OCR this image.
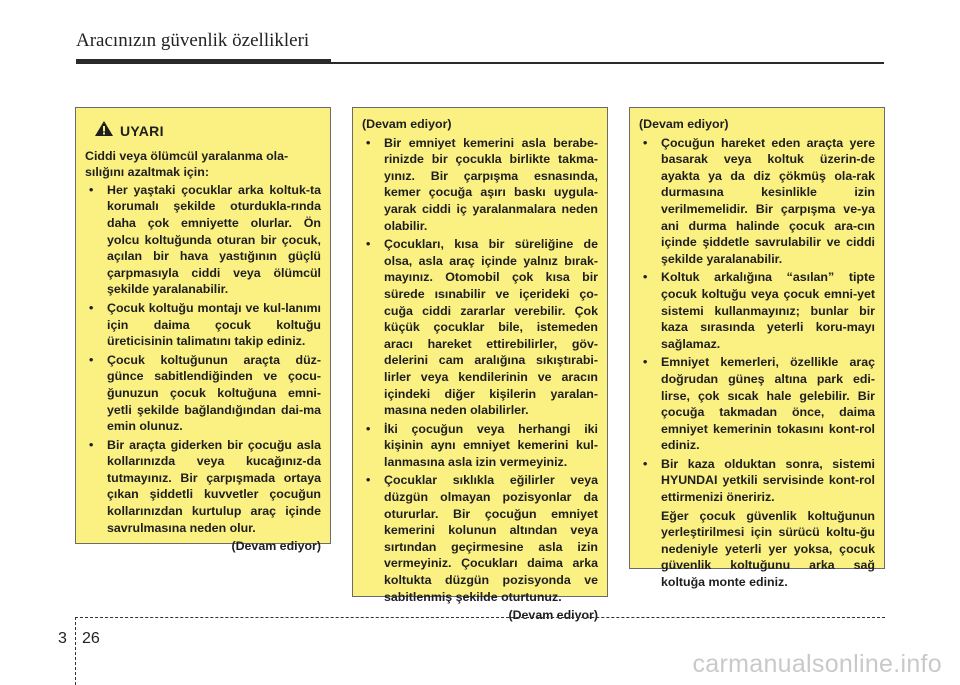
Aracınızın güvenlik özellikleri
UYARI

Ciddi veya ölümcül yaralanma ola-sılığını azaltmak için:

• Her yaştaki çocuklar arka koltuk-ta korumalı şekilde oturdukla-rında daha çok emniyette olurlar. Ön yolcu koltuğunda oturan bir çocuk, açılan bir hava yastığının güçlü çarpmasıyla ciddi veya ölümcül şekilde yaralanabilir.
• Çocuk koltuğu montajı ve kul-lanımı için daima çocuk koltuğu üreticisinin talimatını takip ediniz.
• Çocuk koltuğunun araçta düz-günce sabitlendiğinden ve çocu-ğunuzun çocuk koltuğuna emni-yetli şekilde bağlandığından dai-ma emin olunuz.
• Bir araçta giderken bir çocuğu asla kollarınızda veya kucağınız-da tutmayınız. Bir çarpışmada ortaya çıkan şiddetli kuvvetler çocuğun kollarınızdan kurtulup araç içinde savrulmasına neden olur.
(Devam ediyor)
(Devam ediyor)
• Bir emniyet kemerini asla berabe-rinizde bir çocukla birlikte takma-yınız. Bir çarpışma esnasında, kemer çocuğa aşırı baskı uygula-yarak ciddi iç yaralanmalara neden olabilir.
• Çocukları, kısa bir süreliğine de olsa, asla araç içinde yalnız bırak-mayınız. Otomobil çok kısa bir sürede ısınabilir ve içerideki ço-cuğa ciddi zararlar verebilir. Çok küçük çocuklar bile, istemeden aracı hareket ettirebilirler, göv-delerini cam aralığına sıkıştırabi-lirler veya kendilerinin ve aracın içindeki diğer kişilerin yaralan-masına neden olabilirler.
• İki çocuğun veya herhangi iki kişinin aynı emniyet kemerini kul-lanmasına asla izin vermeyiniz.
• Çocuklar sıklıkla eğilirler veya düzgün olmayan pozisyonlar da otururlar. Bir çocuğun emniyet kemerini kolunun altından veya sırtından geçirmesine asla izin vermeyiniz. Çocukları daima arka koltukta düzgün pozisyonda ve sabitlenmiş şekilde oturtunuz.
(Devam ediyor)
(Devam ediyor)
• Çocuğun hareket eden araçta yere basarak veya koltuk üzerin-de ayakta ya da diz çökmüş ola-rak durmasına kesinlikle izin verilmemelidir. Bir çarpışma ve-ya ani durma halinde çocuk ara-cın içinde şiddetle savrulabilir ve ciddi şekilde yaralanabilir.
• Koltuk arkalığına “asılan” tipte çocuk koltuğu veya çocuk emni-yet sistemi kullanmayınız; bunlar bir kaza sırasında yeterli koru-mayı sağlamaz.
• Emniyet kemerleri, özellikle araç doğrudan güneş altına park edi-lirse, çok sıcak hale gelebilir. Bir çocuğa takmadan önce, daima emniyet kemerinin tokasını kont-rol ediniz.
• Bir kaza olduktan sonra, sistemi HYUNDAI yetkili servisinde kont-rol ettirmenizi öneririz.

Eğer çocuk güvenlik koltuğunun yerleştirilmesi için sürücü koltu-ğu nedeniyle yeterli yer yoksa, çocuk güvenlik koltuğunu arka sağ koltuğa monte ediniz.

3 26
carmanualsonline.info
